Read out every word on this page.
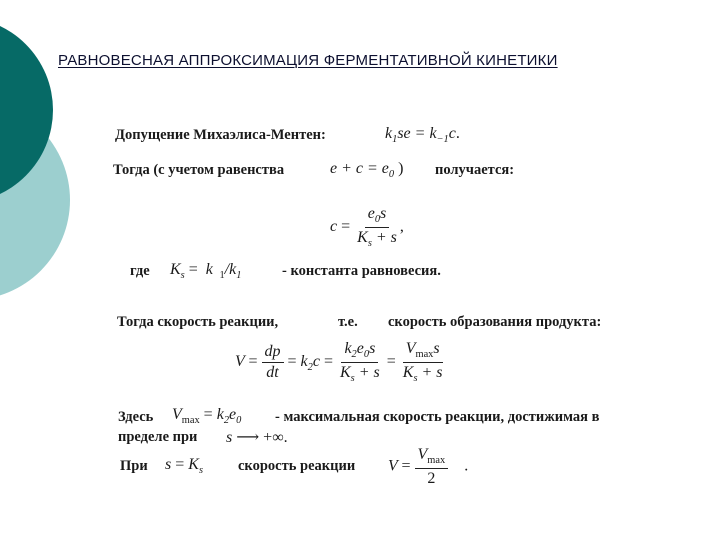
РАВНОВЕСНАЯ АППРОКСИМАЦИЯ ФЕРМЕНТАТИВНОЙ КИНЕТИКИ
Допущение Михаэлиса-Ментен:	$k_1se = k_{-1}c$.
Тогда (с учетом равенства	$e + c = e_0$ ) получается:
$c = \frac{e_0s}{K_s + s}$ ,
где $K_s = k$  $_1/k_1$	- константа равновесия.
Тогда скорость реакции,	т.е. скорость образования продукта:
$V = \frac{dp}{dt} = k_2c = \frac{k_2e_0s}{K_s + s} = \frac{V_{max}s}{K_s + s}$
Здесь $V_{max} = k_2e_0$ - максимальная скорость реакции, достижимая в
пределе при s ⟶ +∞.
При $s = K_s$ скорость реакции $V = \frac{V_{max}}{2}$ .
